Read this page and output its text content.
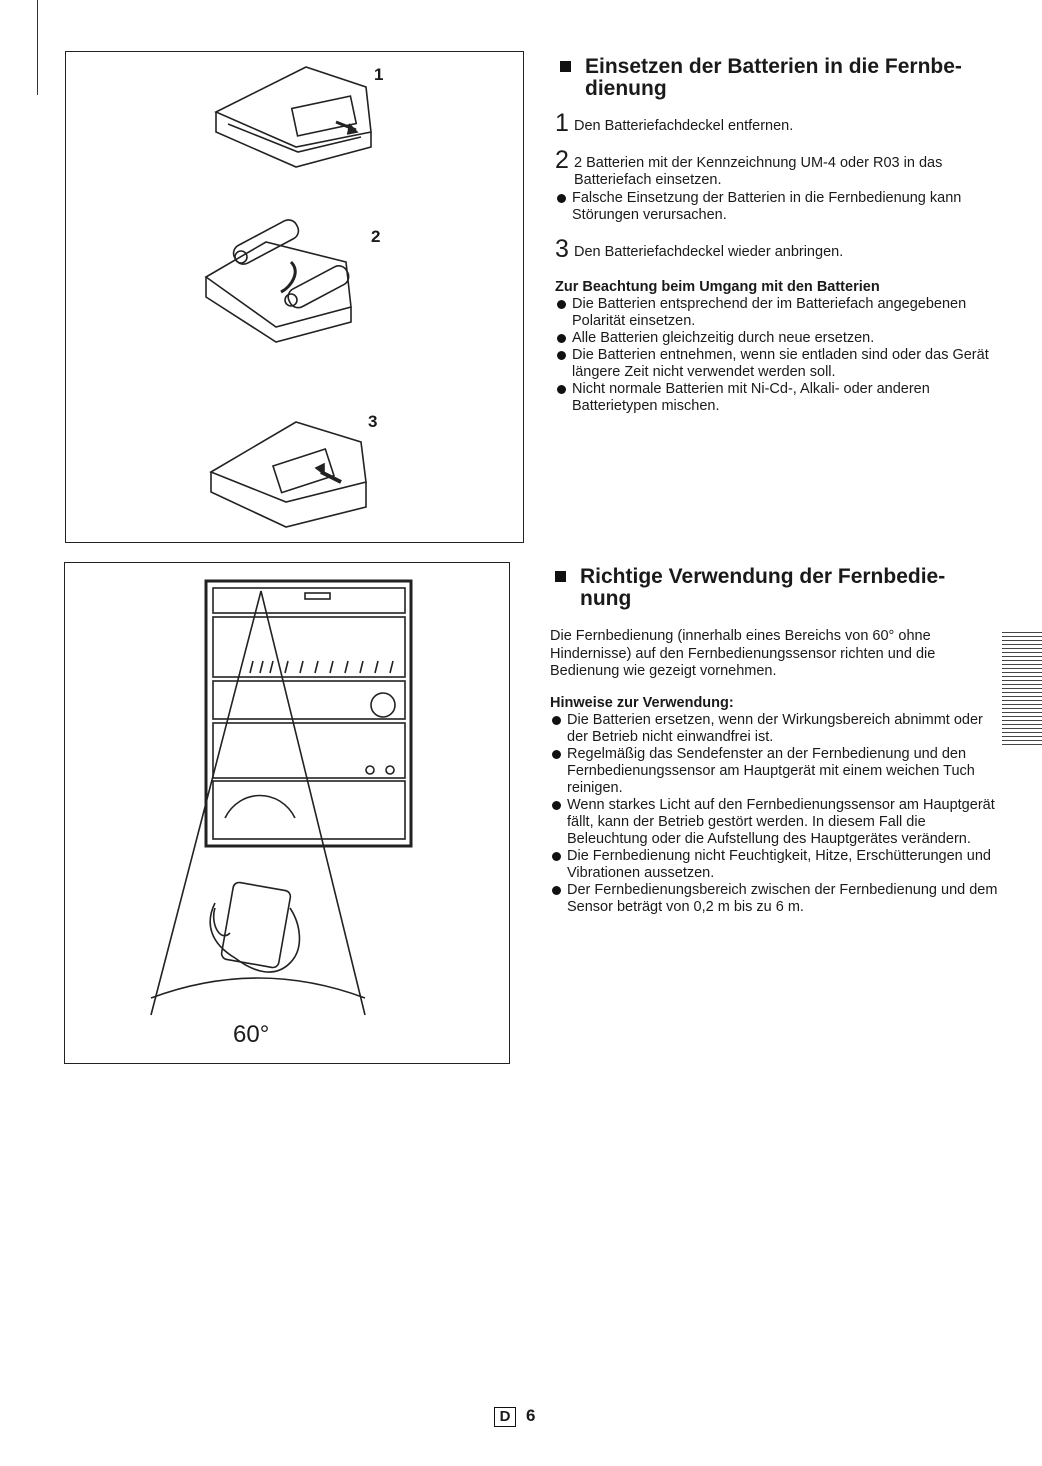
1
2
3
60°
Einsetzen der Batterien in die Fernbe-
dienung
1 Den Batteriefachdeckel entfernen.
2 2 Batterien mit der Kennzeichnung UM-4 oder R03 in das Batteriefach einsetzen.
Falsche Einsetzung der Batterien in die Fernbedienung kann Störungen verursachen.
3 Den Batteriefachdeckel wieder anbringen.
Zur Beachtung beim Umgang mit den Batterien
Die Batterien entsprechend der im Batteriefach angegebenen Polarität einsetzen.
Alle Batterien gleichzeitig durch neue ersetzen.
Die Batterien entnehmen, wenn sie entladen sind oder das Gerät längere Zeit nicht verwendet werden soll.
Nicht normale Batterien mit Ni-Cd-, Alkali- oder anderen Batterietypen mischen.
Richtige Verwendung der Fernbedie-
nung
Die Fernbedienung (innerhalb eines Bereichs von 60° ohne Hindernisse) auf den Fernbedienungssensor richten und die Bedienung wie gezeigt vornehmen.
Hinweise zur Verwendung:
Die Batterien ersetzen, wenn der Wirkungsbereich abnimmt oder der Betrieb nicht einwandfrei ist.
Regelmäßig das Sendefenster an der Fernbedienung und den Fernbedienungssensor am Hauptgerät mit einem weichen Tuch reinigen.
Wenn starkes Licht auf den Fernbedienungssensor am Hauptgerät fällt, kann der Betrieb gestört werden. In diesem Fall die Beleuchtung oder die Aufstellung des Hauptgerätes verändern.
Die Fernbedienung nicht Feuchtigkeit, Hitze, Erschütterungen und Vibrationen aussetzen.
Der Fernbedienungsbereich zwischen der Fernbedienung und dem Sensor beträgt von 0,2 m bis zu 6 m.
D 6
